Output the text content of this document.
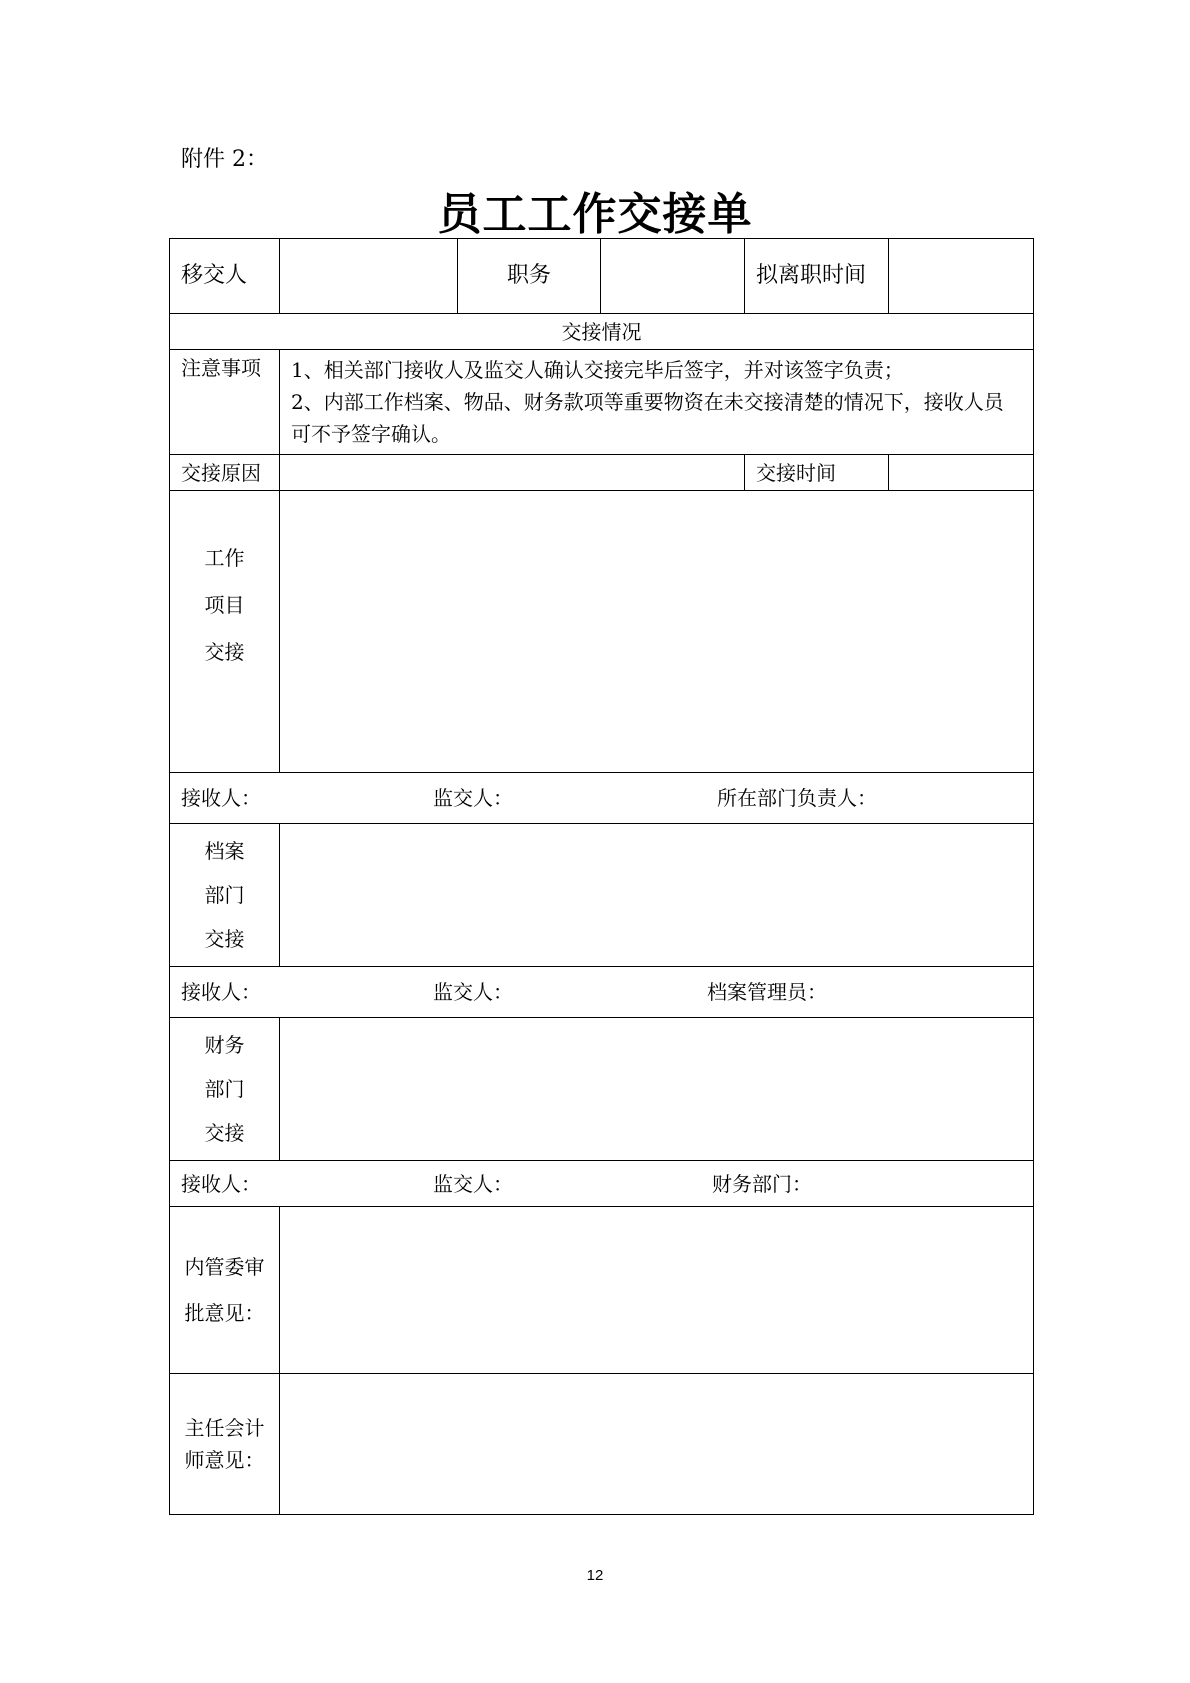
附件 2：
员工工作交接单
移交人		职务		拟离职时间	
交接情况					
注意事项	1、相关部门接收人及监交人确认交接完毕后签字，并对该签字负责；
2、内部工作档案、物品、财务款项等重要物资在未交接清楚的情况下，接收人员可不予签字确认。				

交接原因				交接时间	

工作
项目
交接					

接收人： 监交人： 所在部门负责人：					

档案
部门
交接					

接收人： 监交人： 档案管理员：					

财务
部门
交接					

接收人： 监交人： 财务部门：					

内管委审
批意见：					

主任会计
师意见：					

12
